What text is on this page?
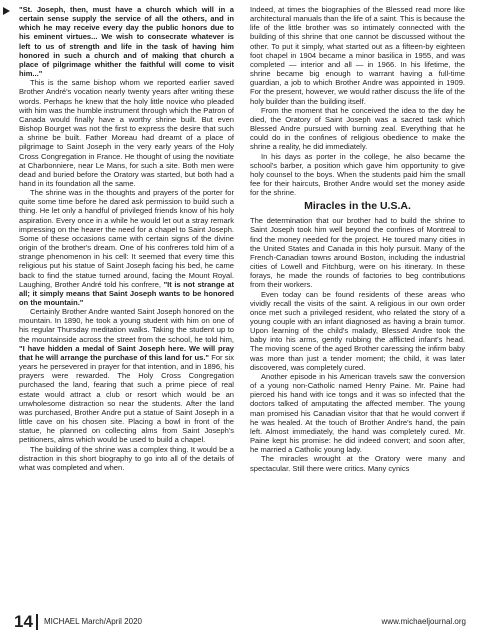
"St. Joseph, then, must have a church which will in a certain sense supply the service of all the others, and in which he may receive every day the public honors due to his eminent virtues... We wish to consecrate whatever is left to us of strength and life in the task of having him honored in such a church and of making that church a place of pilgrimage whither the faithful will come to visit him..."

This is the same bishop whom we reported earlier saved Brother André's vocation nearly twenty years after writing these words. Perhaps he knew that the holy little novice who pleaded with him was the humble instrument through which the Patron of Canada would finally have a worthy shrine built. But even Bishop Bourget was not the first to express the desire that such a shrine be built. Father Moreau had dreamt of a place of pilgrimage to Saint Joseph in the very early years of the Holy Cross Congregation in France. He thought of using the novitiate at Charbonniere, near Le Mans, for such a site. Both men were dead and buried before the Oratory was started, but both had a hand in its foundation all the same.

The shrine was in the thoughts and prayers of the porter for quite some time before he dared ask permission to build such a thing. He let only a handful of privileged friends know of his holy aspiration. Every once in a while he would let out a stray remark impressing on the hearer the need for a chapel to Saint Joseph. Some of these occasions came with certain signs of the divine origin of the brother's dream. One of his confreres told him of a strange phenomenon in his cell: It seemed that every time this religious put his statue of Saint Joseph facing his bed, he came back to find the statue turned around, facing the Mount Royal. Laughing, Brother André told his confrere, "It is not strange at all; it simply means that Saint Joseph wants to be honored on the mountain."

Certainly Brother Andre wanted Saint Joseph honored on the mountain. In 1890, he took a young student with him on one of his regular Thursday meditation walks. Taking the student up to the mountainside across the street from the school, he told him, "I have hidden a medal of Saint Joseph here. We will pray that he will arrange the purchase of this land for us." For six years he persevered in prayer for that intention, and in 1896, his prayers were rewarded. The Holy Cross Congregation purchased the land, fearing that such a prime piece of real estate would attract a club or resort which would be an unwholesome distraction so near the students. After the land was purchased, Brother Andre put a statue of Saint Joseph in a little cave on his chosen site. Placing a bowl in front of the statue, he planned on collecting alms from Saint Joseph's petitioners, alms which would be used to build a chapel.

The building of the shrine was a complex thing. It would be a distraction in this short biography to go into all of the details of what was completed and when.

Indeed, at times the biographies of the Blessed read more like architectural manuals than the life of a saint. This is because the life of the little brother was so intimately connected with the building of this shrine that one cannot be discussed without the other. To put it simply, what started out as a fifteen-by eighteen foot chapel in 1904 became a minor basilica in 1955, and was completed — interior and all — in 1966. In his lifetime, the shrine became big enough to warrant having a full-time guardian, a job to which Brother Andre was appointed in 1909. For the present, however, we would rather discuss the life of the holy builder than the building itself.

From the moment that he conceived the idea to the day he died, the Oratory of Saint Joseph was a sacred task which Blessed Andre pursued with burning zeal. Everything that he could do in the confines of religious obedience to make the shrine a reality, he did immediately.

In his days as porter in the college, he also became the school's barber, a position which gave him opportunity to give holy counsel to the boys. When the students paid him the small fee for their haircuts, Brother Andre would set the money aside for the shrine.

Miracles in the U.S.A.

The determination that our brother had to build the shrine to Saint Joseph took him well beyond the confines of Montreal to find the money needed for the project. He toured many cities in the United States and Canada in this holy pursuit. Many of the French-Canadian towns around Boston, including the industrial cities of Lowell and Fitchburg, were on his itinerary. In these forays, he made the rounds of factories to beg contributions from their workers.

Even today can be found residents of these areas who vividly recall the visits of the saint. A religious in our own order once met such a privileged resident, who related the story of a young couple with an infant diagnosed as having a brain tumor. Upon learning of the child's malady, Blessed Andre took the baby into his arms, gently rubbing the afflicted infant's head. The moving scene of the aged Brother caressing the infirm baby was more than just a tender moment; the child, it was later discovered, was completely cured.

Another episode in his American travels saw the conversion of a young non-Catholic named Henry Paine. Mr. Paine had pierced his hand with ice tongs and it was so infected that the doctors talked of amputating the affected member. The young man promised his Canadian visitor that that he would convert if he was healed. At the touch of Brother Andre's hand, the pain left. Almost immediately, the hand was completely cured. Mr. Paine kept his promise: he did indeed convert; and soon after, he married a Catholic young lady.

The miracles wrought at the Oratory were many and spectacular. Still there were critics. Many cynics

14 MICHAEL March/April 2020	www.michaeljournal.org
